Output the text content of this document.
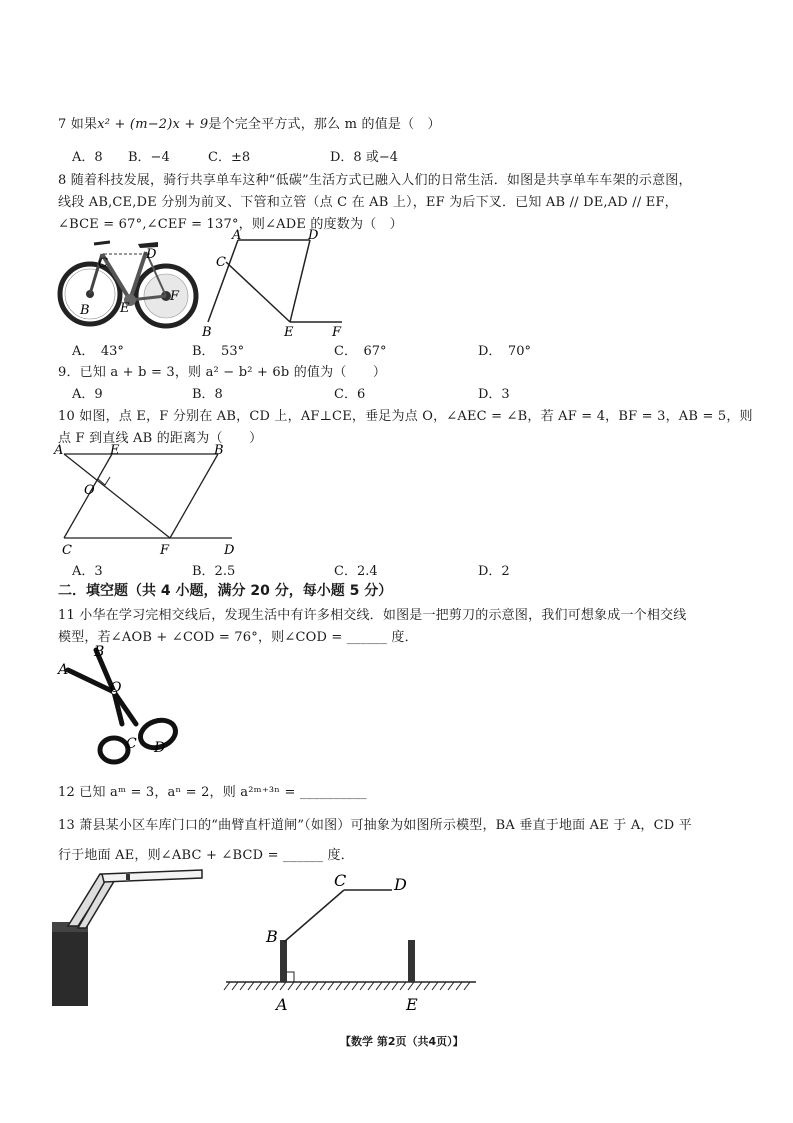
7 如果x² + (m−2)x + 9是个完全平方式，那么 m 的值是（　）
A．8 B．−4	C．±8	D．8 或−4
8 随着科技发展，骑行共享单车这种“低碳”生活方式已融入人们的日常生活．如图是共享单车车架的示意图，
线段 AB,CE,DE 分别为前叉、下管和立管（点 C 在 AB 上），EF 为后下叉．已知 AB // DE,AD // EF，
∠BCE = 67°,∠CEF = 137°，则∠ADE 的度数为（　）
C
D
E
F
B
A	D
C
B	E	F
A．　43°	B．　53°	C．　67°	D．　70°
9．已知 a + b = 3，则 a² − b² + 6b 的值为（　　）
A．9	B．8	C．6	D．3
10 如图，点 E，F 分别在 AB，CD 上，AF⊥CE，垂足为点 O，∠AEC = ∠B，若 AF = 4，BF = 3，AB = 5，则
点 F 到直线 AB 的距离为（　　）
A	E	B
O
C	F	D
A．3	B．2.5	C．2.4	D．2
二．填空题（共 4 小题，满分 20 分，每小题 5 分）
11 小华在学习完相交线后，发现生活中有许多相交线．如图是一把剪刀的示意图，我们可想象成一个相交线
模型，若∠AOB + ∠COD = 76°，则∠COD = ______ 度．
B
A
O
C D
12 已知 aᵐ = 3，aⁿ = 2，则 a²ᵐ⁺³ⁿ = __________
13 萧县某小区车库门口的“曲臂直杆道闸”（如图）可抽象为如图所示模型，BA 垂直于地面 AE 于 A，CD 平
行于地面 AE，则∠ABC + ∠BCD = ______ 度．
C	D
B
A	E
【数学 第2页（共4页）】
